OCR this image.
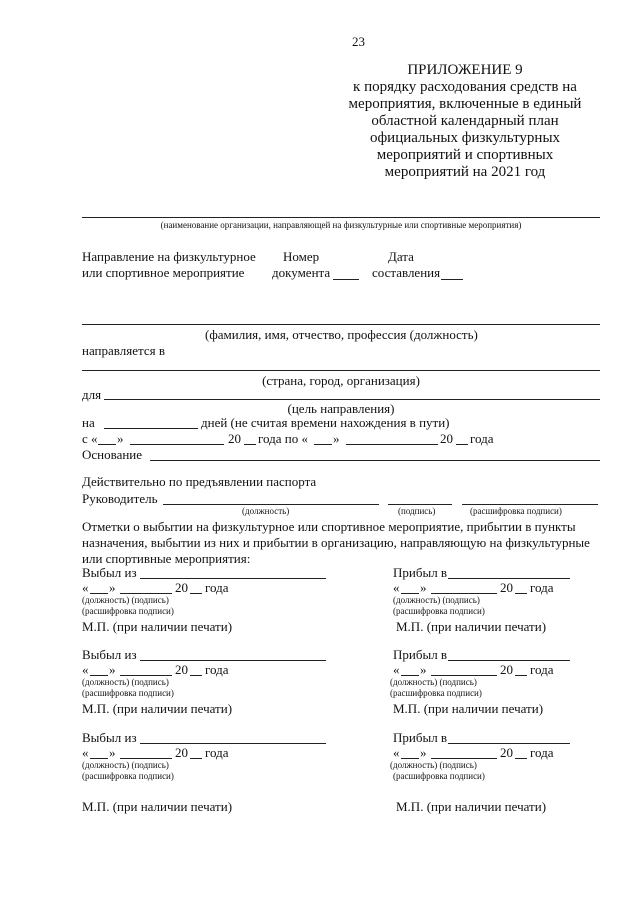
23
ПРИЛОЖЕНИЕ 9
к порядку расходования средств на
мероприятия, включенные в единый
областной календарный план
официальных физкультурных
мероприятий и спортивных
мероприятий на 2021 год
(наименование организации, направляющей на физкультурные или спортивные мероприятия)
Направление на физкультурное
или спортивное мероприятие
Номер
документа
Дата
составления
(фамилия, имя, отчество, профессия (должность)
направляется в
(страна, город, организация)
для
(цель направления)
на	дней (не считая времени нахождения в пути)
с « »	20 года по « »	20 года
Основание
Действительно по предъявлении паспорта
Руководитель
(должность)	(подпись)	(расшифровка подписи)
Отметки о выбытии на физкультурное или спортивное мероприятие, прибытии в пункты
назначения, выбытии из них и прибытии в организацию, направляющую на физкультурные
или спортивные мероприятия:
Выбыл из
« »	20 года
(должность) (подпись)
(расшифровка подписи)
М.П. (при наличии печати)
Прибыл в
« »	20 года
(должность) (подпись)
(расшифровка подписи)
М.П. (при наличии печати)
Выбыл из
« »	20 года
(должность) (подпись)
(расшифровка подписи)
М.П. (при наличии печати)
Прибыл в
« »	20 года
(должность) (подпись)
(расшифровка подписи)
М.П. (при наличии печати)
Выбыл из
« »	20 года
(должность) (подпись)
(расшифровка подписи)
М.П. (при наличии печати)
Прибыл в
« »	20 года
(должность) (подпись)
(расшифровка подписи)
М.П. (при наличии печати)
